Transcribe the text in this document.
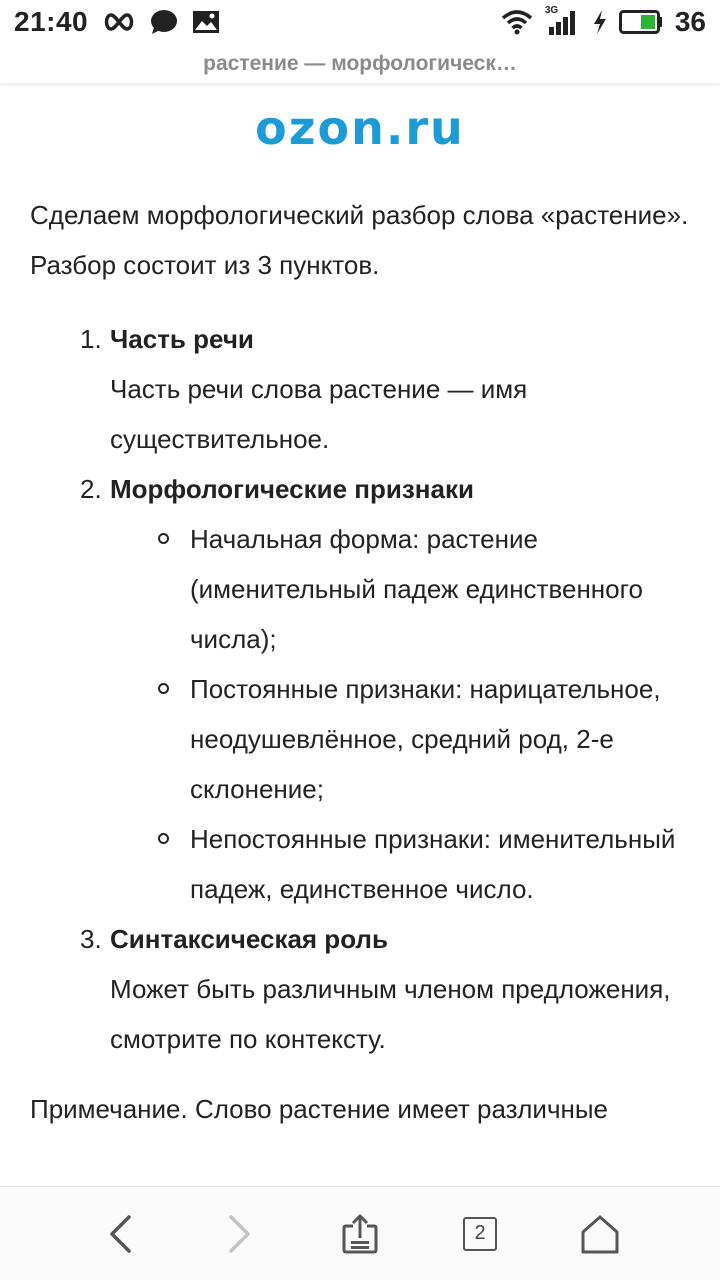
21:40	3G	36
растение — морфологическ…
ozon.ru

Сделаем морфологический разбор слова «растение». Разбор состоит из 3 пунктов.

1. Часть речи
Часть речи слова растение — имя существительное.
2. Морфологические признаки
Начальная форма: растение (именительный падеж единственного числа);
Постоянные признаки: нарицательное, неодушевлённое, средний род, 2-е склонение;
Непостоянные признаки: именительный падеж, единственное число.
3. Синтаксическая роль
Может быть различным членом предложения, смотрите по контексту.

Примечание. Слово растение имеет различные

2
